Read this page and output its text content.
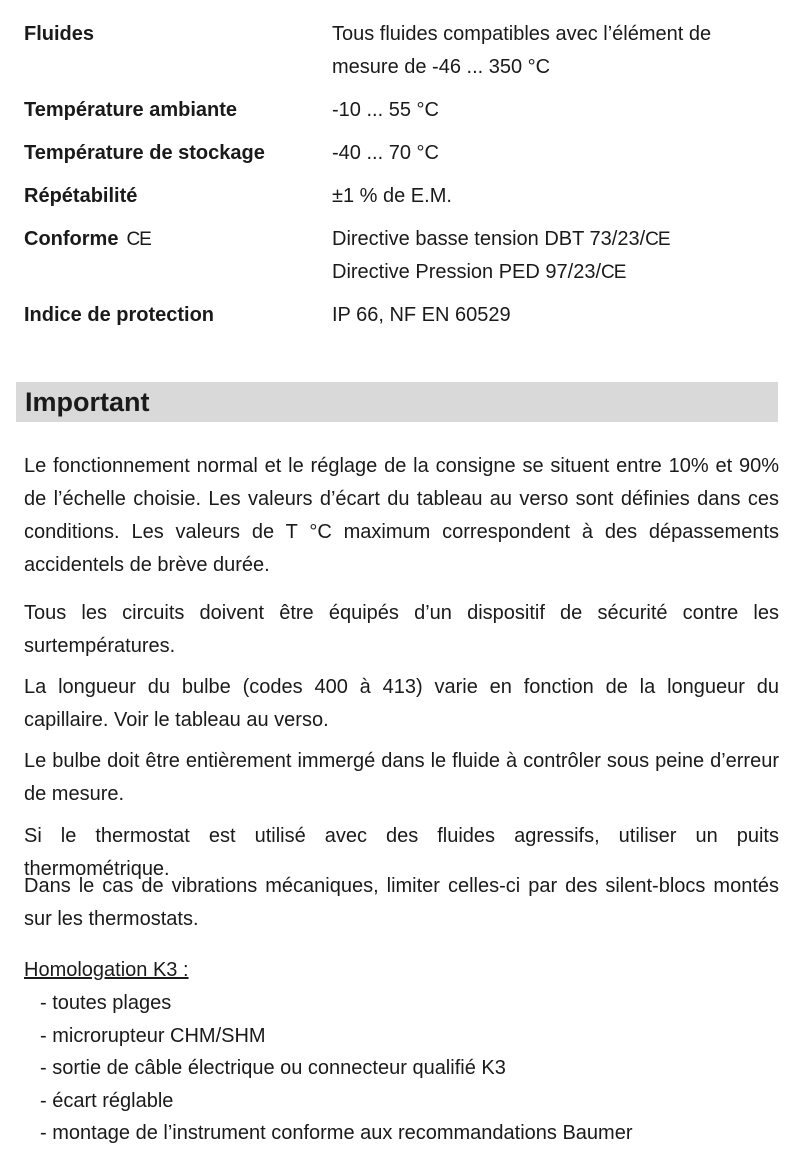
Fluides	Tous fluides compatibles avec l’élément de
mesure de -46 ... 350 °C
Température ambiante	-10 ... 55 °C
Température de stockage	-40 ... 70 °C
Répétabilité	±1 % de E.M.
Conforme CE	Directive basse tension DBT 73/23/CE
Directive Pression PED 97/23/CE
Indice de protection	IP 66, NF EN 60529
Important

Le fonctionnement normal et le réglage de la consigne se situent entre 10% et 90% de l’échelle choisie. Les valeurs d’écart du tableau au verso sont définies dans ces conditions. Les valeurs de T °C maximum correspondent à des dépassements accidentels de brève durée.

Tous les circuits doivent être équipés d’un dispositif de sécurité contre les surtempératures.

La longueur du bulbe (codes 400 à 413) varie en fonction de la longueur du capillaire. Voir le tableau au verso.

Le bulbe doit être entièrement immergé dans le fluide à contrôler sous peine d’erreur de mesure.

Si le thermostat est utilisé avec des fluides agressifs, utiliser un puits thermométrique.

Dans le cas de vibrations mécaniques, limiter celles-ci par des silent-blocs montés sur les thermostats.

Homologation K3 :

- toutes plages
- microrupteur CHM/SHM
- sortie de câble électrique ou connecteur qualifié K3
- écart réglable
- montage de l’instrument conforme aux recommandations Baumer
